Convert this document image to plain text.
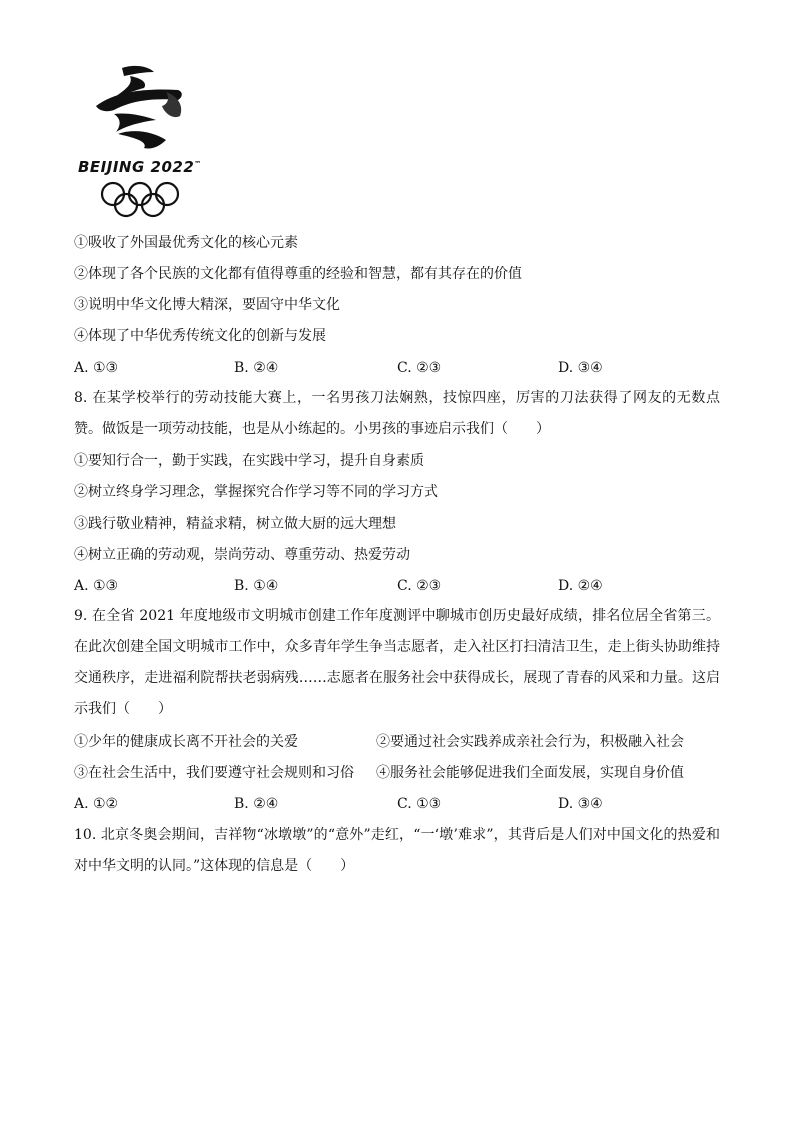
BEIJING 2022™
①吸收了外国最优秀文化的核心元素
②体现了各个民族的文化都有值得尊重的经验和智慧，都有其存在的价值
③说明中华文化博大精深，要固守中华文化
④体现了中华优秀传统文化的创新与发展
A. ①③	B. ②④	C. ②③	D. ③④
8. 在某学校举行的劳动技能大赛上，一名男孩刀法娴熟，技惊四座，厉害的刀法获得了网友的无数点赞。做饭是一项劳动技能，也是从小练起的。小男孩的事迹启示我们（　　）
①要知行合一，勤于实践，在实践中学习，提升自身素质
②树立终身学习理念，掌握探究合作学习等不同的学习方式
③践行敬业精神，精益求精，树立做大厨的远大理想
④树立正确的劳动观，崇尚劳动、尊重劳动、热爱劳动
A. ①③	B. ①④	C. ②③	D. ②④
9. 在全省 2021 年度地级市文明城市创建工作年度测评中聊城市创历史最好成绩，排名位居全省第三。在此次创建全国文明城市工作中，众多青年学生争当志愿者，走入社区打扫清洁卫生，走上街头协助维持交通秩序，走进福利院帮扶老弱病残……志愿者在服务社会中获得成长，展现了青春的风采和力量。这启示我们（　　）
①少年的健康成长离不开社会的关爱	②要通过社会实践养成亲社会行为，积极融入社会
③在社会生活中，我们要遵守社会规则和习俗 ④服务社会能够促进我们全面发展，实现自身价值
A. ①②	B. ②④	C. ①③	D. ③④
10. 北京冬奥会期间，吉祥物“冰墩墩”的“意外”走红，“一‘墩’难求”，其背后是人们对中国文化的热爱和对中华文明的认同。”这体现的信息是（　　）
